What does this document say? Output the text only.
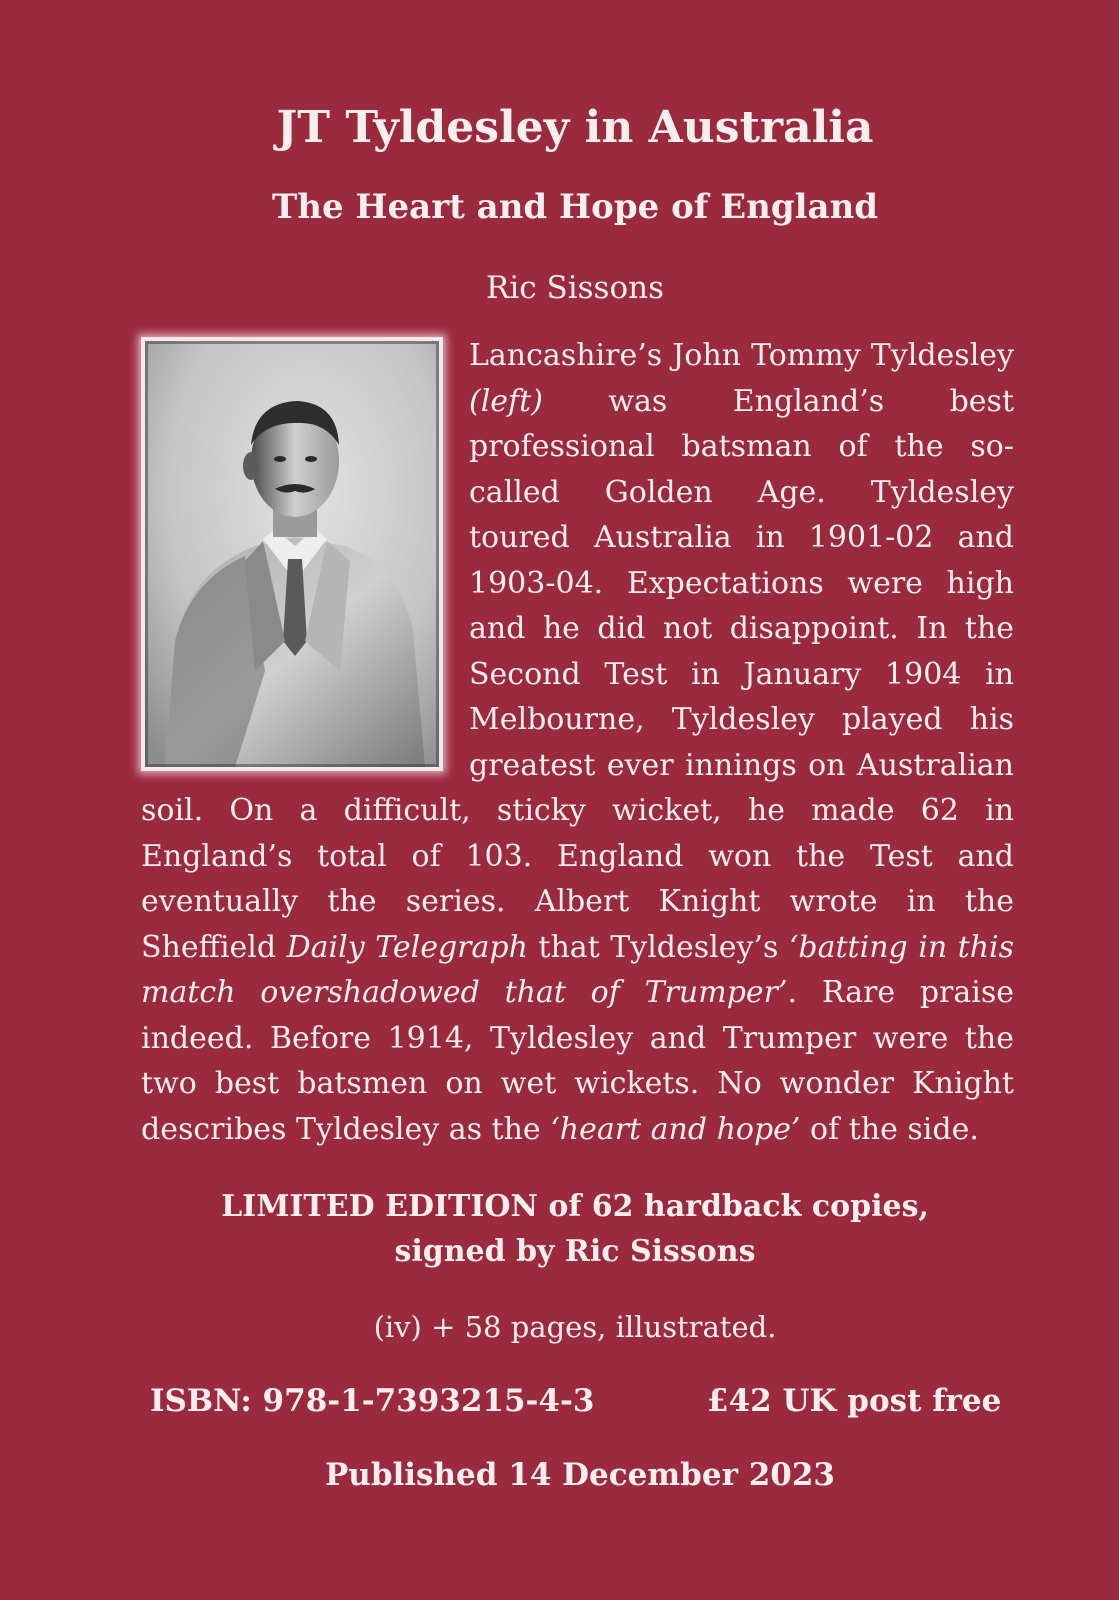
JT Tyldesley in Australia
The Heart and Hope of England

Ric Sissons

Lancashire’s John Tommy Tyldesley (left) was England’s best professional batsman of the so-called Golden Age. Tyldesley toured Australia in 1901-02 and 1903-04. Expectations were high and he did not disappoint. In the Second Test in January 1904 in Melbourne, Tyldesley played his greatest ever innings on Australian soil. On a difficult, sticky wicket, he made 62 in England’s total of 103. England won the Test and eventually the series. Albert Knight wrote in the Sheffield Daily Telegraph that Tyldesley’s ‘batting in this match overshadowed that of Trumper’. Rare praise indeed. Before 1914, Tyldesley and Trumper were the two best batsmen on wet wickets. No wonder Knight describes Tyldesley as the ‘heart and hope’ of the side.

LIMITED EDITION of 62 hardback copies,
signed by Ric Sissons

(iv) + 58 pages, illustrated.

ISBN: 978-1-7393215-4-3	£42 UK post free

Published 14 December 2023
